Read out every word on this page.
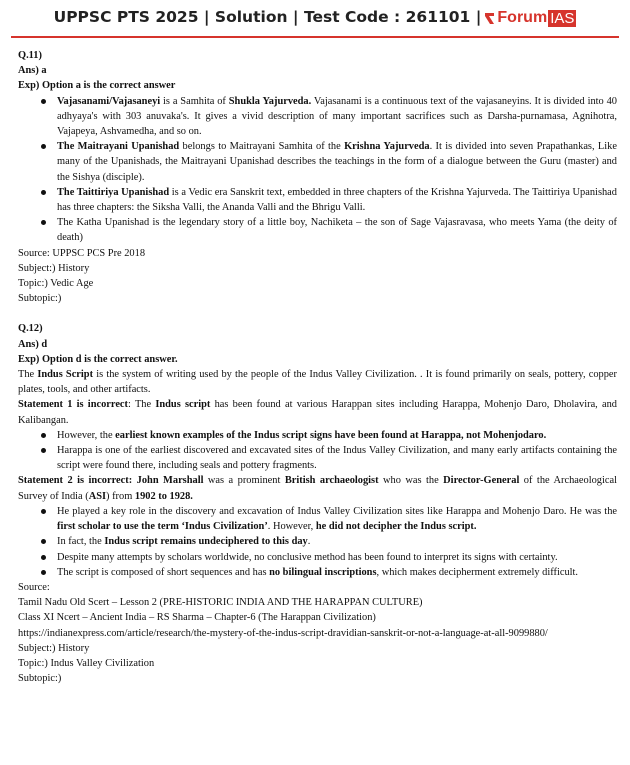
UPPSC PTS 2025 | Solution | Test Code : 261101 | Forum IAS

Q.11)

Ans) a

Exp) Option a is the correct answer

Vajasanami/Vajasaneyi is a Samhita of Shukla Yajurveda. Vajasanami is a continuous text of the vajasaneyins. It is divided into 40 adhyaya's with 303 anuvaka's. It gives a vivid description of many important sacrifices such as Darsha-purnamasa, Agnihotra, Vajapeya, Ashvamedha, and so on.
The Maitrayani Upanishad belongs to Maitrayani Samhita of the Krishna Yajurveda. It is divided into seven Prapathankas, Like many of the Upanishads, the Maitrayani Upanishad describes the teachings in the form of a dialogue between the Guru (master) and the Sishya (disciple).
The Taittiriya Upanishad is a Vedic era Sanskrit text, embedded in three chapters of the Krishna Yajurveda. The Taittiriya Upanishad has three chapters: the Siksha Valli, the Ananda Valli and the Bhrigu Valli.
The Katha Upanishad is the legendary story of a little boy, Nachiketa – the son of Sage Vajasravasa, who meets Yama (the deity of death)

Source: UPPSC PCS Pre 2018

Subject:) History

Topic:) Vedic Age

Subtopic:)

Q.12)

Ans) d

Exp) Option d is the correct answer.

The Indus Script is the system of writing used by the people of the Indus Valley Civilization. . It is found primarily on seals, pottery, copper plates, tools, and other artifacts.

Statement 1 is incorrect: The Indus script has been found at various Harappan sites including Harappa, Mohenjo Daro, Dholavira, and Kalibangan.

However, the earliest known examples of the Indus script signs have been found at Harappa, not Mohenjodaro.
Harappa is one of the earliest discovered and excavated sites of the Indus Valley Civilization, and many early artifacts containing the script were found there, including seals and pottery fragments.

Statement 2 is incorrect: John Marshall was a prominent British archaeologist who was the Director-General of the Archaeological Survey of India (ASI) from 1902 to 1928.

He played a key role in the discovery and excavation of Indus Valley Civilization sites like Harappa and Mohenjo Daro. He was the first scholar to use the term ‘Indus Civilization’. However, he did not decipher the Indus script.
In fact, the Indus script remains undeciphered to this day.
Despite many attempts by scholars worldwide, no conclusive method has been found to interpret its signs with certainty.
The script is composed of short sequences and has no bilingual inscriptions, which makes decipherment extremely difficult.

Source:

Tamil Nadu Old Scert – Lesson 2 (PRE-HISTORIC INDIA AND THE HARAPPAN CULTURE)

Class XI Ncert – Ancient India – RS Sharma – Chapter-6 (The Harappan Civilization)

https://indianexpress.com/article/research/the-mystery-of-the-indus-script-dravidian-sanskrit-or-not-a-language-at-all-9099880/

Subject:) History

Topic:) Indus Valley Civilization

Subtopic:)
